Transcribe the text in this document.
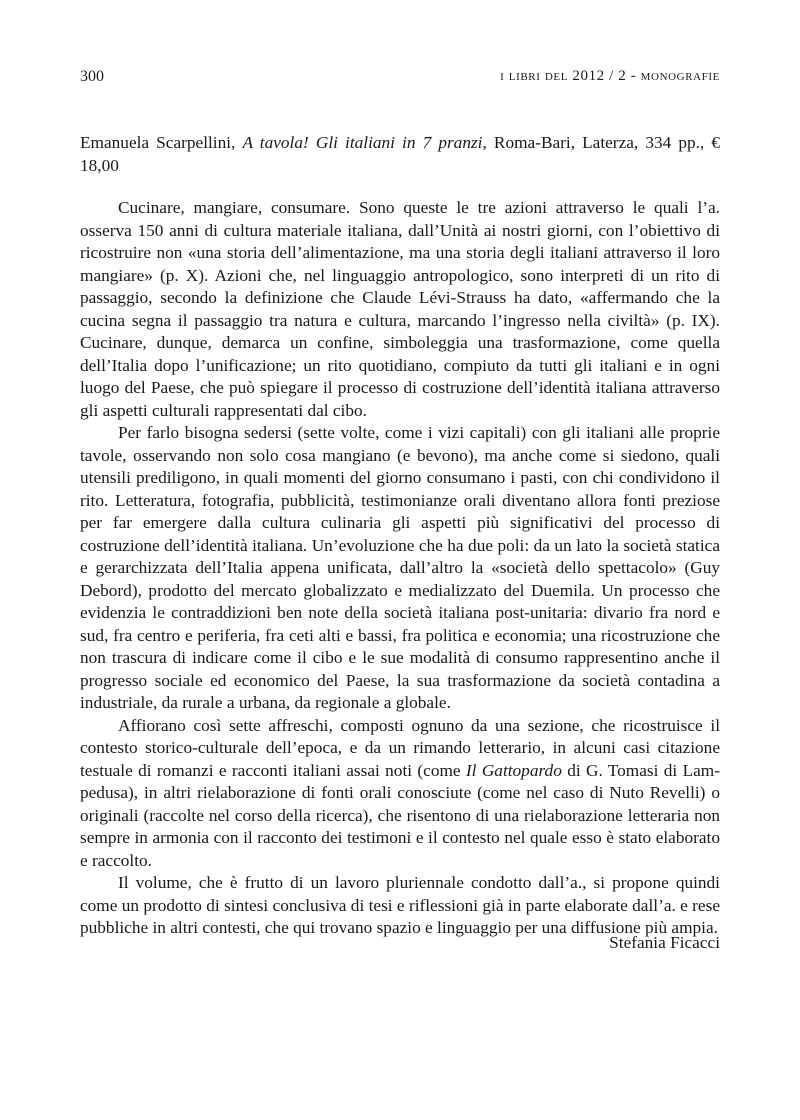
300	i libri del 2012 / 2 - monografie
Emanuela Scarpellini, A tavola! Gli italiani in 7 pranzi, Roma-Bari, Laterza, 334 pp., € 18,00

Cucinare, mangiare, consumare. Sono queste le tre azioni attraverso le quali l’a. osserva 150 anni di cultura materiale italiana, dall’Unità ai nostri giorni, con l’obiettivo di ricostruire non «una storia dell’alimentazione, ma una storia degli italiani attraverso il loro mangiare» (p. X). Azioni che, nel linguaggio antropologico, sono interpreti di un rito di passaggio, secondo la definizione che Claude Lévi-Strauss ha dato, «affermando che la cucina segna il passaggio tra natura e cultura, marcando l’ingresso nella civiltà» (p. IX). Cucinare, dunque, demarca un confine, simboleggia una trasformazione, come quella dell’Italia dopo l’unificazione; un rito quotidiano, compiuto da tutti gli italiani e in ogni luogo del Paese, che può spiegare il processo di costruzione dell’identità italiana attraverso gli aspetti culturali rappresentati dal cibo.

Per farlo bisogna sedersi (sette volte, come i vizi capitali) con gli italiani alle proprie tavole, osservando non solo cosa mangiano (e bevono), ma anche come si siedono, quali utensili prediligono, in quali momenti del giorno consumano i pasti, con chi condividono il rito. Letteratura, fotografia, pubblicità, testimonianze orali diventano allora fonti preziose per far emergere dalla cultura culinaria gli aspetti più significativi del processo di costruzione dell’identità italiana. Un’evoluzione che ha due poli: da un lato la società statica e gerarchizzata dell’Italia appena unificata, dall’altro la «società dello spettacolo» (Guy Debord), prodotto del mercato globalizzato e medializzato del Duemila. Un processo che evidenzia le contraddizioni ben note della società italiana post-unitaria: divario fra nord e sud, fra centro e periferia, fra ceti alti e bassi, fra politica e economia; una ricostruzione che non trascura di indicare come il cibo e le sue modalità di consumo rappresentino anche il progresso sociale ed economico del Paese, la sua trasformazione da società contadina a industriale, da rurale a urbana, da regionale a globale.

Affiorano così sette affreschi, composti ognuno da una sezione, che ricostruisce il contesto storico-culturale dell’epoca, e da un rimando letterario, in alcuni casi citazione testuale di romanzi e racconti italiani assai noti (come Il Gattopardo di G. Tomasi di Lampedusa), in altri rielaborazione di fonti orali conosciute (come nel caso di Nuto Revelli) o originali (raccolte nel corso della ricerca), che risentono di una rielaborazione letteraria non sempre in armonia con il racconto dei testimoni e il contesto nel quale esso è stato elaborato e raccolto.

Il volume, che è frutto di un lavoro pluriennale condotto dall’a., si propone quindi come un prodotto di sintesi conclusiva di tesi e riflessioni già in parte elaborate dall’a. e rese pubbliche in altri contesti, che qui trovano spazio e linguaggio per una diffusione più ampia.

Stefania Ficacci
